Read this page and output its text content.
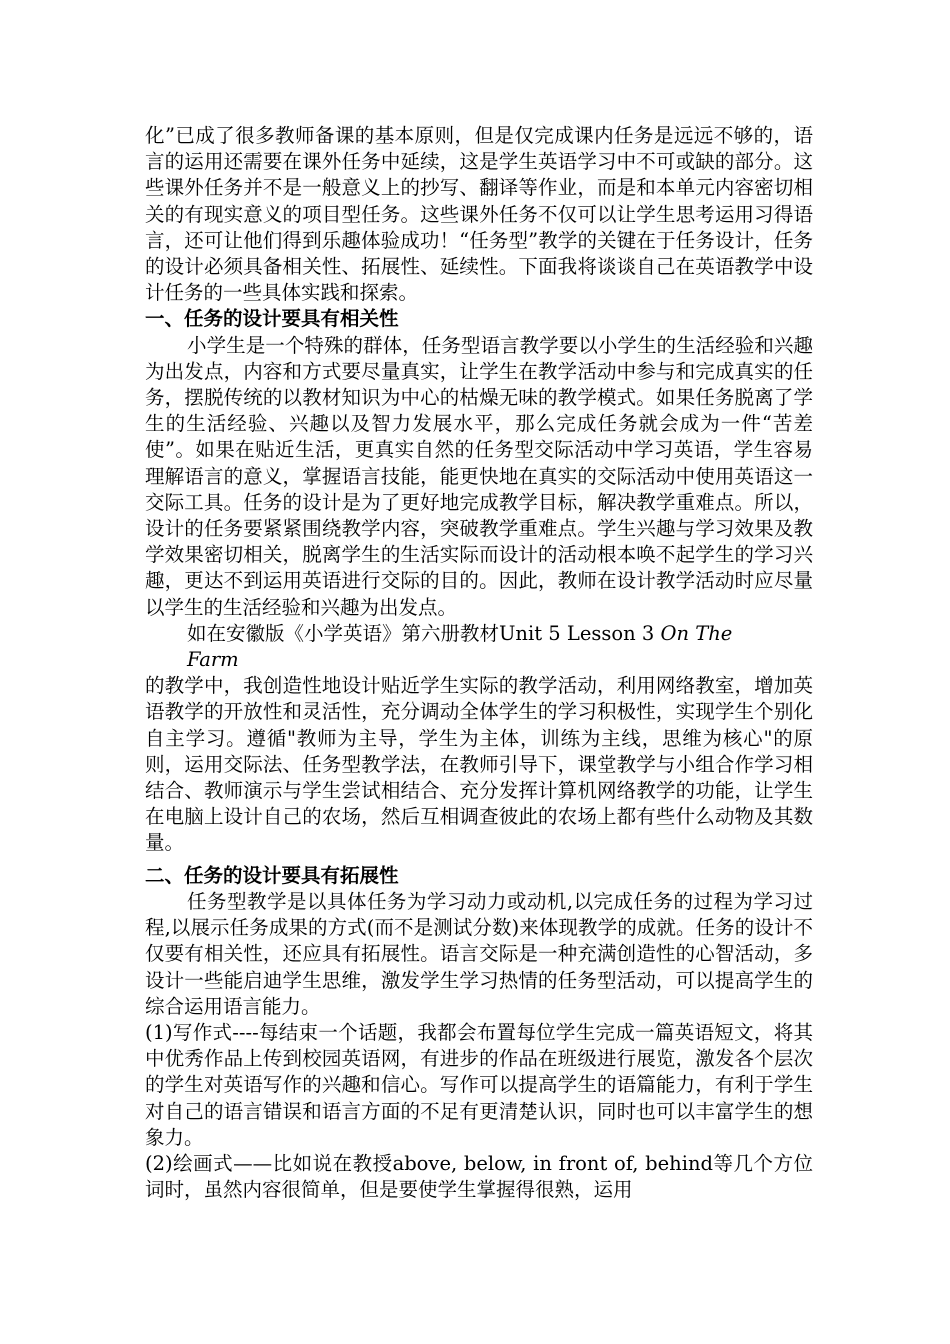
化”已成了很多教师备课的基本原则，但是仅完成课内任务是远远不够的，语言的运用还需要在课外任务中延续，这是学生英语学习中不可或缺的部分。这些课外任务并不是一般意义上的抄写、翻译等作业，而是和本单元内容密切相关的有现实意义的项目型任务。这些课外任务不仅可以让学生思考运用习得语言，还可让他们得到乐趣体验成功！“任务型”教学的关键在于任务设计，任务的设计必须具备相关性、拓展性、延续性。下面我将谈谈自己在英语教学中设计任务的一些具体实践和探索。

一、任务的设计要具有相关性

小学生是一个特殊的群体，任务型语言教学要以小学生的生活经验和兴趣为出发点，内容和方式要尽量真实，让学生在教学活动中参与和完成真实的任务，摆脱传统的以教材知识为中心的枯燥无味的教学模式。如果任务脱离了学生的生活经验、兴趣以及智力发展水平，那么完成任务就会成为一件“苦差使”。如果在贴近生活，更真实自然的任务型交际活动中学习英语，学生容易理解语言的意义，掌握语言技能，能更快地在真实的交际活动中使用英语这一交际工具。任务的设计是为了更好地完成教学目标，解决教学重难点。所以，设计的任务要紧紧围绕教学内容，突破教学重难点。学生兴趣与学习效果及教学效果密切相关，脱离学生的生活实际而设计的活动根本唤不起学生的学习兴趣，更达不到运用英语进行交际的目的。因此，教师在设计教学活动时应尽量以学生的生活经验和兴趣为出发点。

如在安徽版《小学英语》第六册教材Unit 5 Lesson 3 On The

Farm

的教学中，我创造性地设计贴近学生实际的教学活动，利用网络教室，增加英语教学的开放性和灵活性，充分调动全体学生的学习积极性，实现学生个别化自主学习。遵循"教师为主导，学生为主体，训练为主线，思维为核心"的原则，运用交际法、任务型教学法，在教师引导下，课堂教学与小组合作学习相结合、教师演示与学生尝试相结合、充分发挥计算机网络教学的功能，让学生在电脑上设计自己的农场，然后互相调查彼此的农场上都有些什么动物及其数量。

二、任务的设计要具有拓展性

任务型教学是以具体任务为学习动力或动机,以完成任务的过程为学习过程,以展示任务成果的方式(而不是测试分数)来体现教学的成就。任务的设计不仅要有相关性，还应具有拓展性。语言交际是一种充满创造性的心智活动，多设计一些能启迪学生思维，激发学生学习热情的任务型活动，可以提高学生的综合运用语言能力。

(1)写作式----每结束一个话题，我都会布置每位学生完成一篇英语短文，将其中优秀作品上传到校园英语网，有进步的作品在班级进行展览，激发各个层次的学生对英语写作的兴趣和信心。写作可以提高学生的语篇能力，有利于学生对自己的语言错误和语言方面的不足有更清楚认识，同时也可以丰富学生的想象力。

(2)绘画式——比如说在教授above, below, in front of, behind等几个方位词时，虽然内容很简单，但是要使学生掌握得很熟，运用
